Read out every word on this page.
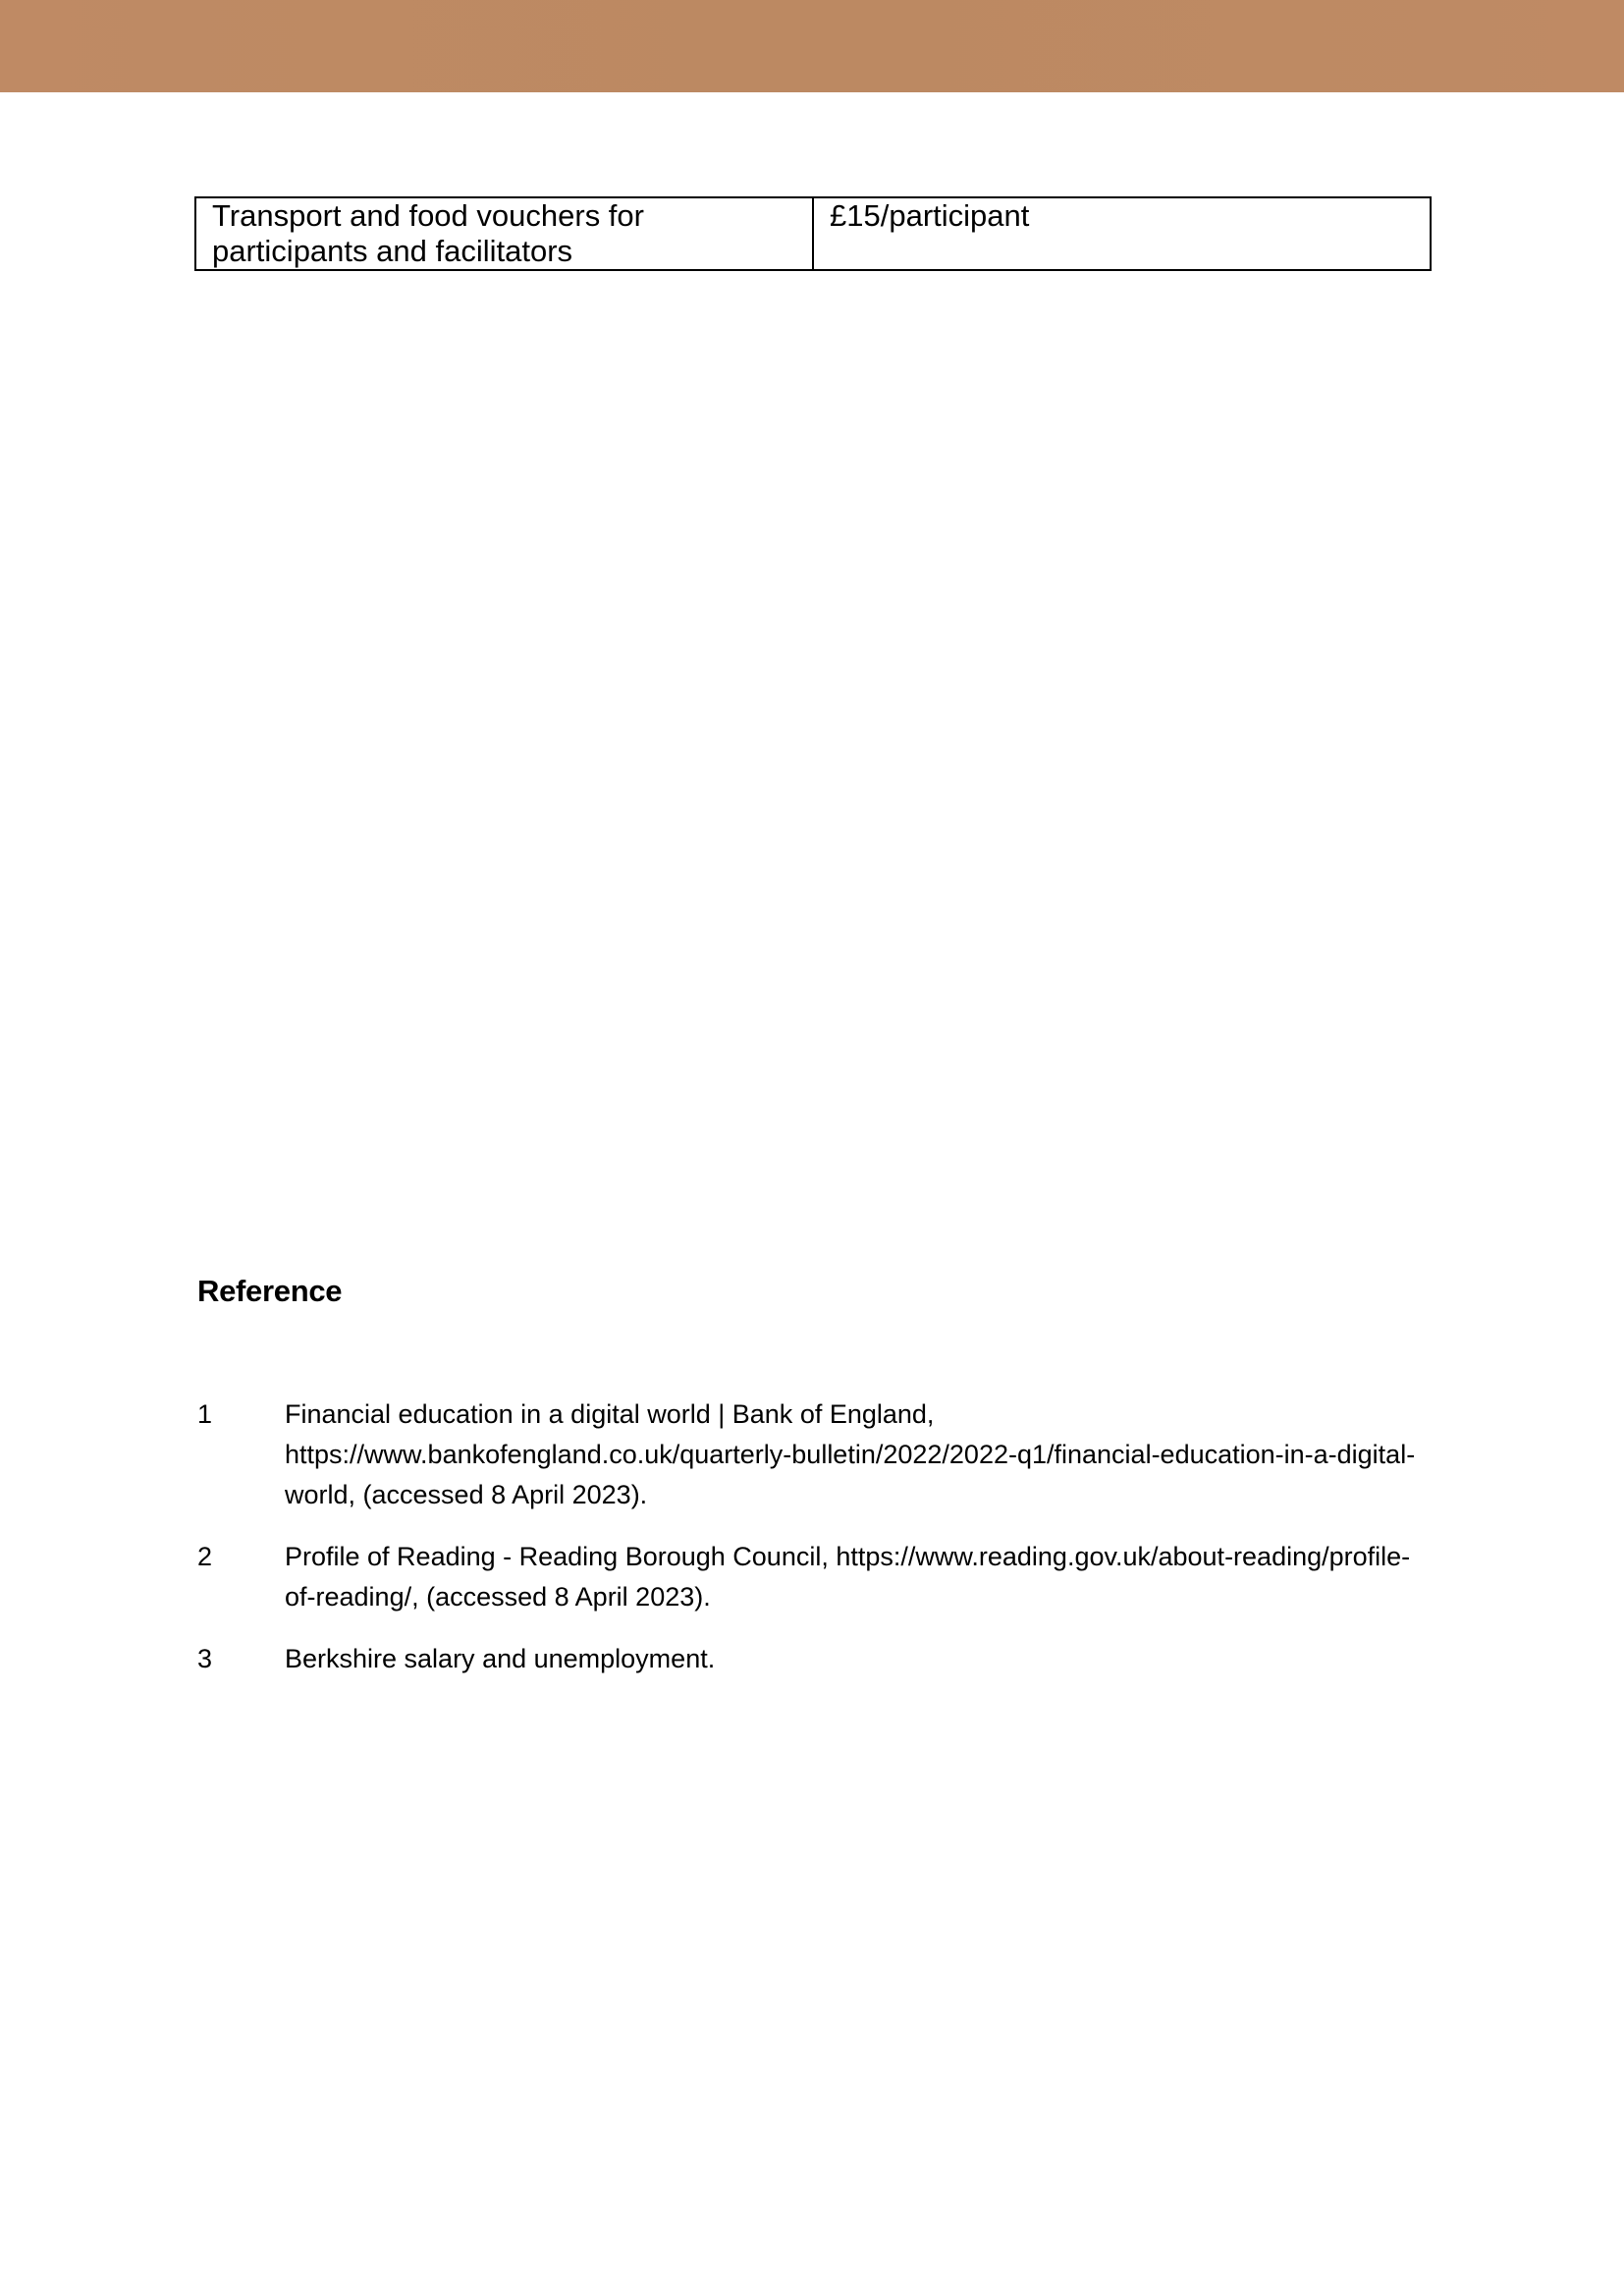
Transport and food vouchers for participants and facilitators	£15/participant
Reference
1	Financial education in a digital world | Bank of England, https://www.bankofengland.co.uk/quarterly-bulletin/2022/2022-q1/financial-education-in-a-digital-world, (accessed 8 April 2023).
2	Profile of Reading - Reading Borough Council, https://www.reading.gov.uk/about-reading/profile-of-reading/, (accessed 8 April 2023).
3	Berkshire salary and unemployment.
